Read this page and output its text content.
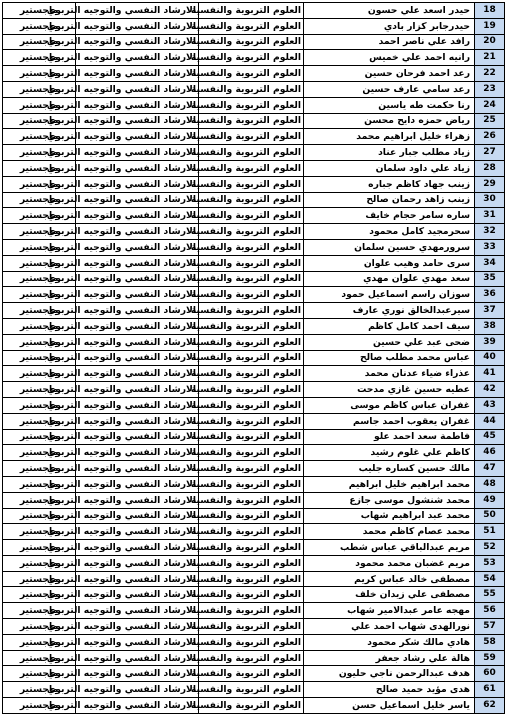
ماجستير	الارشاد النفسي والتوجيه التربوي	العلوم التربوية والنفسية	حيدر اسعد علي حسون	18
ماجستير	الارشاد النفسي والتوجيه التربوي	العلوم التربوية والنفسية	حيدرجابر كزار بادي	19
ماجستير	الارشاد النفسي والتوجيه التربوي	العلوم التربوية والنفسية	رافد علي ناصر احمد	20
ماجستير	الارشاد النفسي والتوجيه التربوي	العلوم التربوية والنفسية	رانيه احمد علي خميس	21
ماجستير	الارشاد النفسي والتوجيه التربوي	العلوم التربوية والنفسية	رعد احمد فرحان حسين	22
ماجستير	الارشاد النفسي والتوجيه التربوي	العلوم التربوية والنفسية	رعد سامي عارف حسين	23
ماجستير	الارشاد النفسي والتوجيه التربوي	العلوم التربوية والنفسية	رنا حكمت طه ياسين	24
ماجستير	الارشاد النفسي والتوجيه التربوي	العلوم التربوية والنفسية	رياض حمزه دايح محسن	25
ماجستير	الارشاد النفسي والتوجيه التربوي	العلوم التربوية والنفسية	زهراء خليل ابراهيم محمد	26
ماجستير	الارشاد النفسي والتوجيه التربوي	العلوم التربوية والنفسية	زياد مطلب جبار عناد	27
ماجستير	الارشاد النفسي والتوجيه التربوي	العلوم التربوية والنفسية	زياد علي داود سلمان	28
ماجستير	الارشاد النفسي والتوجيه التربوي	العلوم التربوية والنفسية	زينب جهاد كاظم جباره	29
ماجستير	الارشاد النفسي والتوجيه التربوي	العلوم التربوية والنفسية	زينب زاهد رحمان صالح	30
ماجستير	الارشاد النفسي والتوجيه التربوي	العلوم التربوية والنفسية	ساره سامر حجام خايف	31
ماجستير	الارشاد النفسي والتوجيه التربوي	العلوم التربوية والنفسية	سحرمجيد كامل محمود	32
ماجستير	الارشاد النفسي والتوجيه التربوي	العلوم التربوية والنفسية	سرورمهدي حسين سلمان	33
ماجستير	الارشاد النفسي والتوجيه التربوي	العلوم التربوية والنفسية	سرى حامد وهيب علوان	34
ماجستير	الارشاد النفسي والتوجيه التربوي	العلوم التربوية والنفسية	سعد مهدي علوان مهدي	35
ماجستير	الارشاد النفسي والتوجيه التربوي	العلوم التربوية والنفسية	سوزان راسم اسماعيل حمود	36
ماجستير	الارشاد النفسي والتوجيه التربوي	العلوم التربوية والنفسية	سيرعبدالخالق نوري عارف	37
ماجستير	الارشاد النفسي والتوجيه التربوي	العلوم التربوية والنفسية	سيف احمد كامل كاظم	38
ماجستير	الارشاد النفسي والتوجيه التربوي	العلوم التربوية والنفسية	ضحى عبد علي حسين	39
ماجستير	الارشاد النفسي والتوجيه التربوي	العلوم التربوية والنفسية	عباس محمد مطلب صالح	40
ماجستير	الارشاد النفسي والتوجيه التربوي	العلوم التربوية والنفسية	عذراء ضياء عدنان محمد	41
ماجستير	الارشاد النفسي والتوجيه التربوي	العلوم التربوية والنفسية	عطيه حسين غازي مدحت	42
ماجستير	الارشاد النفسي والتوجيه التربوي	العلوم التربوية والنفسية	غفران عباس كاظم موسى	43
ماجستير	الارشاد النفسي والتوجيه التربوي	العلوم التربوية والنفسية	غفران يعقوب احمد جاسم	44
ماجستير	الارشاد النفسي والتوجيه التربوي	العلوم التربوية والنفسية	فاطمة سعد احمد علو	45
ماجستير	الارشاد النفسي والتوجيه التربوي	العلوم التربوية والنفسية	كاظم علي غلوم رشيد	46
ماجستير	الارشاد النفسي والتوجيه التربوي	العلوم التربوية والنفسية	مالك حسين كساره جليب	47
ماجستير	الارشاد النفسي والتوجيه التربوي	العلوم التربوية والنفسية	محمد ابراهيم خليل ابراهيم	48
ماجستير	الارشاد النفسي والتوجيه التربوي	العلوم التربوية والنفسية	محمد شنشول موسى جازع	49
ماجستير	الارشاد النفسي والتوجيه التربوي	العلوم التربوية والنفسية	محمد عبد ابراهيم شهاب	50
ماجستير	الارشاد النفسي والتوجيه التربوي	العلوم التربوية والنفسية	محمد عصام كاظم محمد	51
ماجستير	الارشاد النفسي والتوجيه التربوي	العلوم التربوية والنفسية	مريم عبدالباقي عباس شطب	52
ماجستير	الارشاد النفسي والتوجيه التربوي	العلوم التربوية والنفسية	مريم غضبان محمد محمود	53
ماجستير	الارشاد النفسي والتوجيه التربوي	العلوم التربوية والنفسية	مصطفى خالد عباس كريم	54
ماجستير	الارشاد النفسي والتوجيه التربوي	العلوم التربوية والنفسية	مصطفى علي زيدان خلف	55
ماجستير	الارشاد النفسي والتوجيه التربوي	العلوم التربوية والنفسية	مهجه عامر عبدالامير شهاب	56
ماجستير	الارشاد النفسي والتوجيه التربوي	العلوم التربوية والنفسية	نورالهدى شهاب احمد علي	57
ماجستير	الارشاد النفسي والتوجيه التربوي	العلوم التربوية والنفسية	هادي مالك شكر محمود	58
ماجستير	الارشاد النفسي والتوجيه التربوي	العلوم التربوية والنفسية	هالة علي رشاد جعفر	59
ماجستير	الارشاد النفسي والتوجيه التربوي	العلوم التربوية والنفسية	هدف عبدالرحمن ناجي حليون	60
ماجستير	الارشاد النفسي والتوجيه التربوي	العلوم التربوية والنفسية	هدى مؤيد حميد صالح	61
ماجستير	الارشاد النفسي والتوجيه التربوي	العلوم التربوية والنفسية	ياسر خليل اسماعيل حسن	62
